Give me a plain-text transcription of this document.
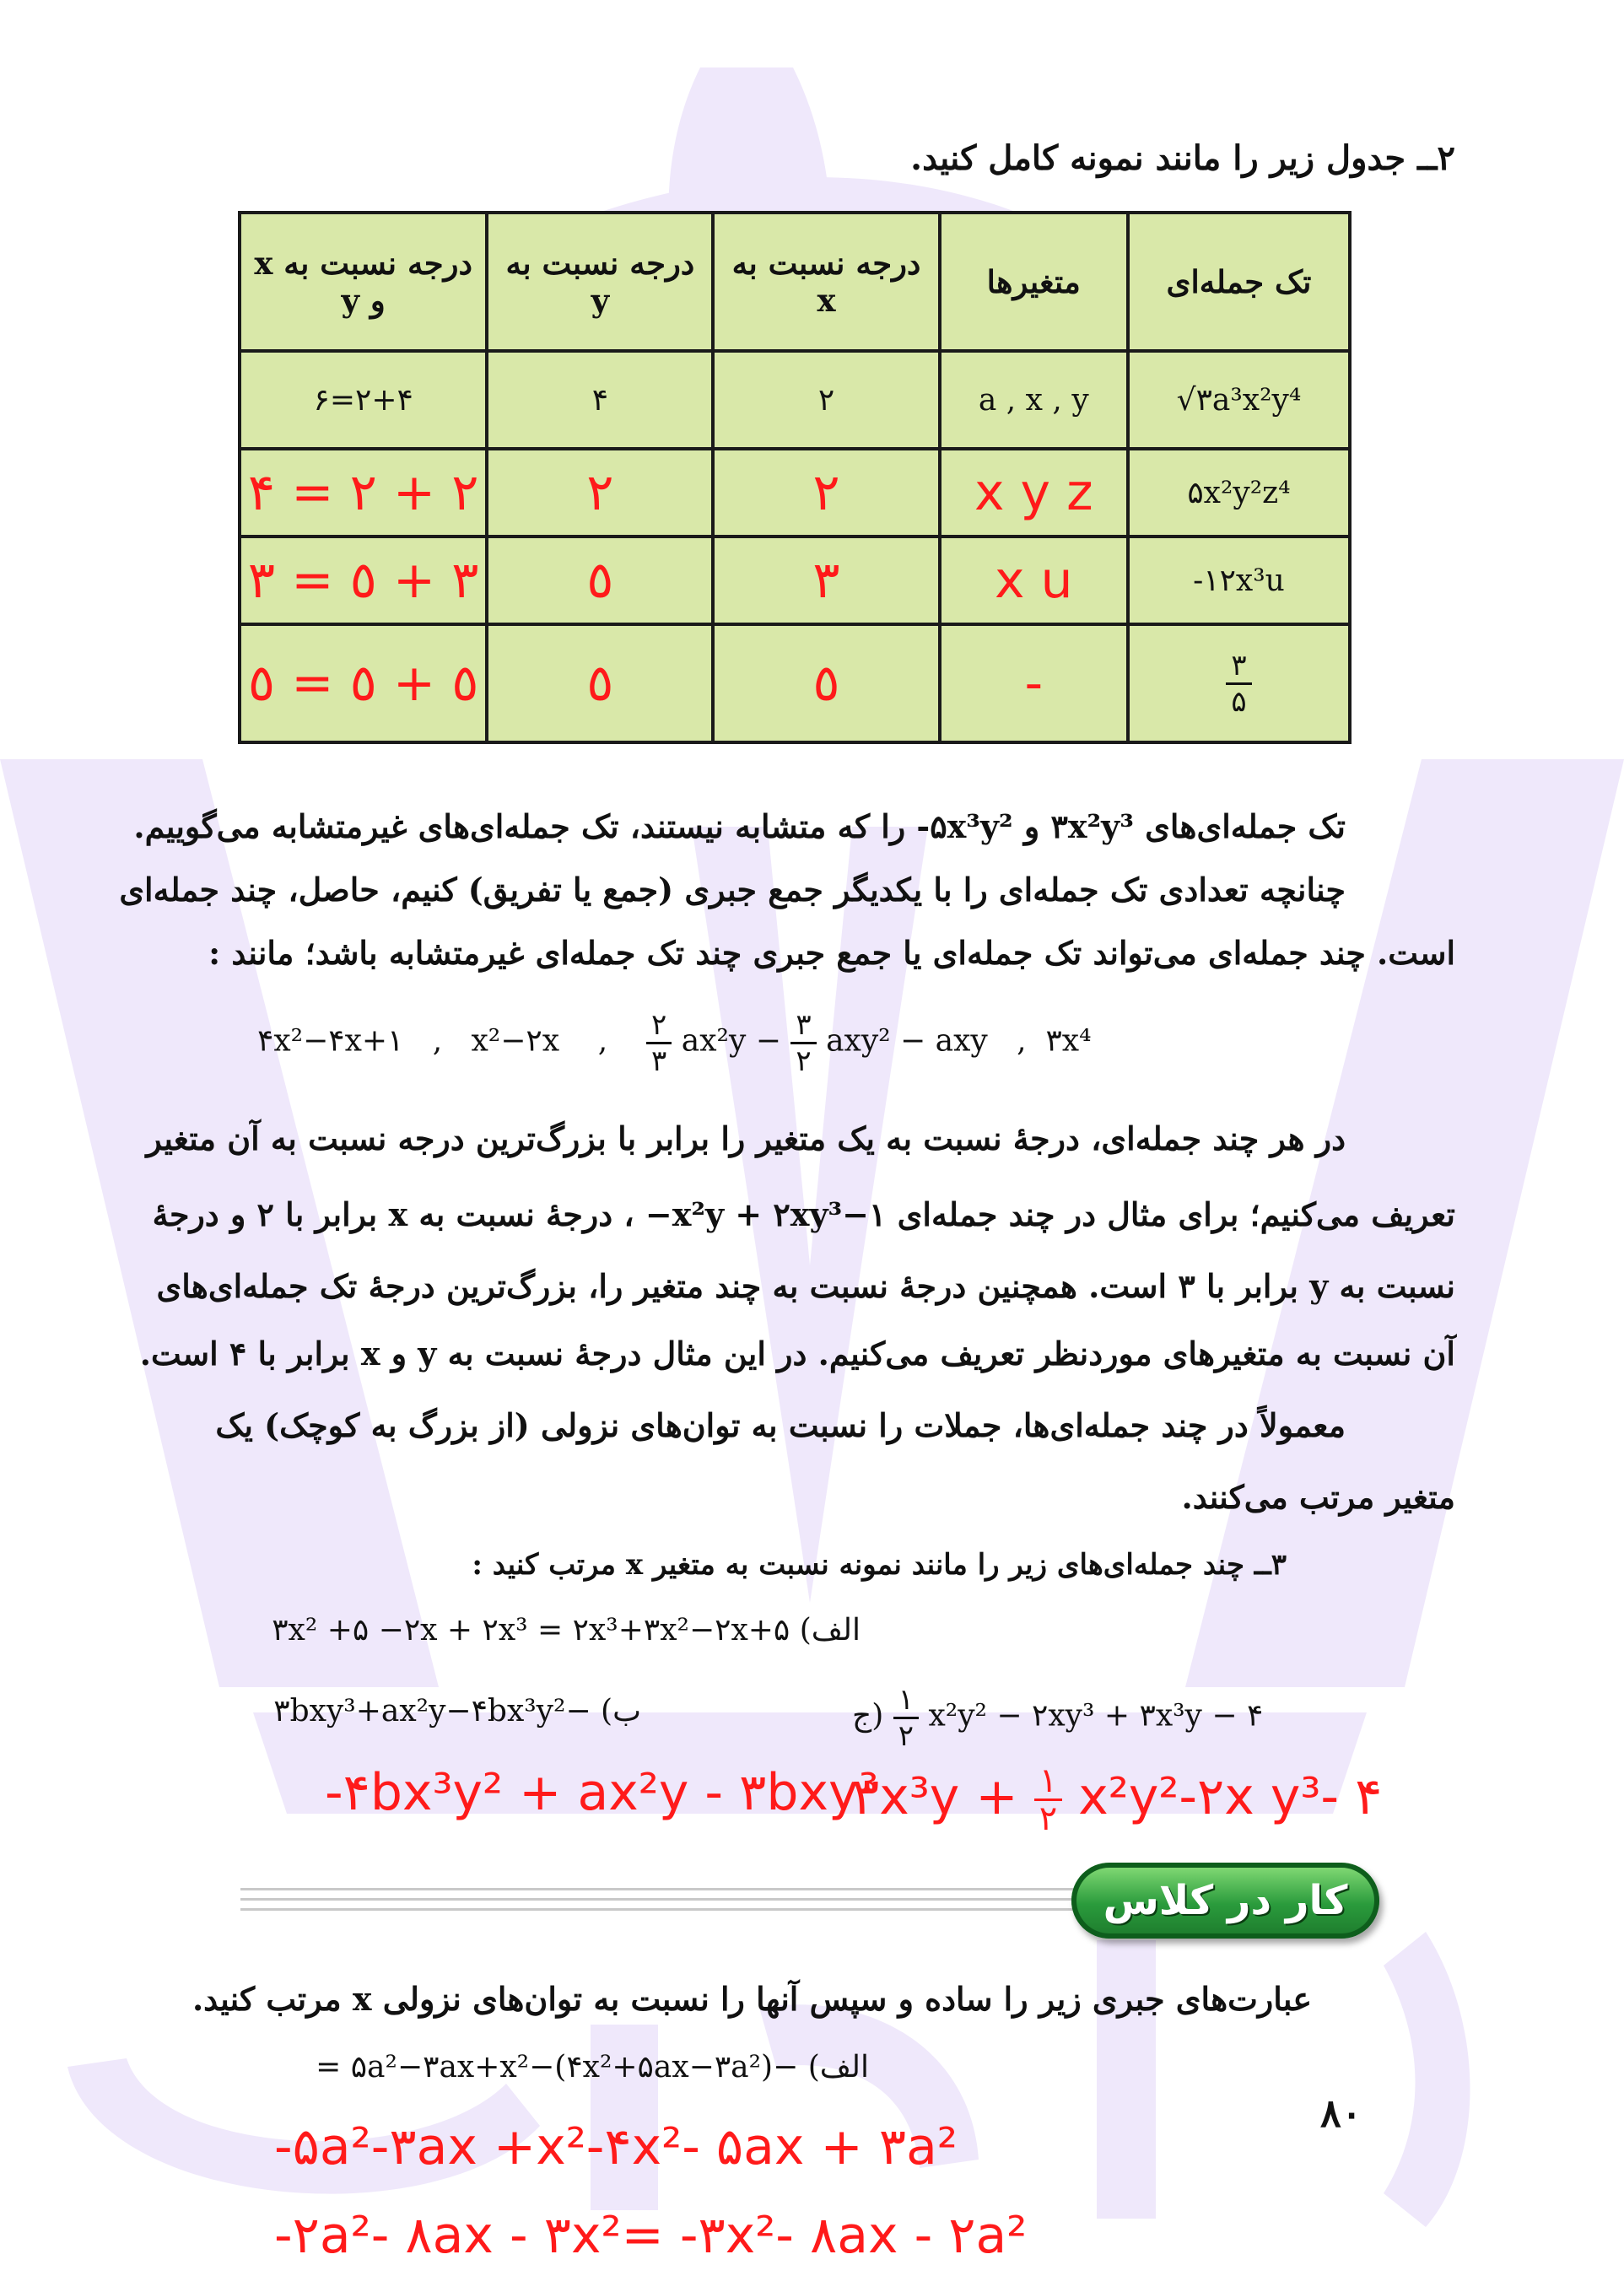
۲ــ جدول زیر را مانند نمونه کامل کنید.
تک جمله‌ای	متغیرها	درجه نسبت به x	درجه نسبت به y	درجه نسبت به x و y
√۳a³x²y⁴	a , x , y	۲	۴	۲+۴=۶
۵x²y²z⁴	x y z	۲	۲	۲ + ۲ = ۴
-۱۲x³u	x u	۳	٥	۳ + ٥ = ۳

$\frac{۳}{۵}$	-	٥	٥	٥ + ٥ = ٥
تک جمله‌ای‌های ۳x²y³ و ۵x³y²- را که متشابه نیستند، تک جمله‌ای‌های غیرمتشابه می‌گوییم.
چنانچه تعدادی تک جمله‌ای را با یکدیگر جمع جبری (جمع یا تفریق) کنیم، حاصل، چند جمله‌ای
است. چند جمله‌ای می‌تواند تک جمله‌ای یا جمع جبری چند تک جمله‌ای غیرمتشابه باشد؛ مانند :
۴x²−۴x+۱   ,   x²−۲x    , $\frac{۲}{۳} ax^2y - \frac{۳}{۲} axy^2$ − axy   ,  ۳x⁴
در هر چند جمله‌ای، درجهٔ نسبت به یک متغیر را برابر با بزرگ‌ترین درجه نسبت به آن متغیر
تعریف می‌کنیم؛ برای مثال در چند جمله‌ای ۱−x²y + ۲xy³− ، درجهٔ نسبت به x برابر با ۲ و درجهٔ
نسبت به y برابر با ۳ است. همچنین درجهٔ نسبت به چند متغیر را، بزرگ‌ترین درجهٔ تک جمله‌ای‌های
آن نسبت به متغیرهای موردنظر تعریف می‌کنیم. در این مثال درجهٔ نسبت به y و x برابر با ۴ است.
معمولاً در چند جمله‌ای‌ها، جملات را نسبت به توان‌های نزولی (از بزرگ به کوچک) یک
متغیر مرتب می‌کنند.
۳ــ چند جمله‌ای‌های زیر را مانند نمونه نسبت به متغیر x مرتب کنید :
الف) ۳x² +۵ −۲x + ۲x³ = ۲x³+۳x²−۲x+۵
ب) −۳bxy³+ax²y−۴bx³y²	ج) $\frac{۱}{۲} x^2y^2$ − ۲xy³ + ۳x³y − ۴
-۴bx³y² + ax²y - ۳bxy³
۳x³y + $\frac{۱}{۲}$ x²y²-۲x y³- ۴
کار در کلاس
عبارت‌های جبری زیر را ساده و سپس آنها را نسبت به توان‌های نزولی x مرتب کنید.
الف) −۵a²−۳ax+x²−(۴x²+۵ax−۳a²) =
-۵a²-۳ax +x²-۴x²- ۵ax + ۳a²
-۲a²- ۸ax - ۳x²= -۳x²- ۸ax - ۲a²
۸٠
